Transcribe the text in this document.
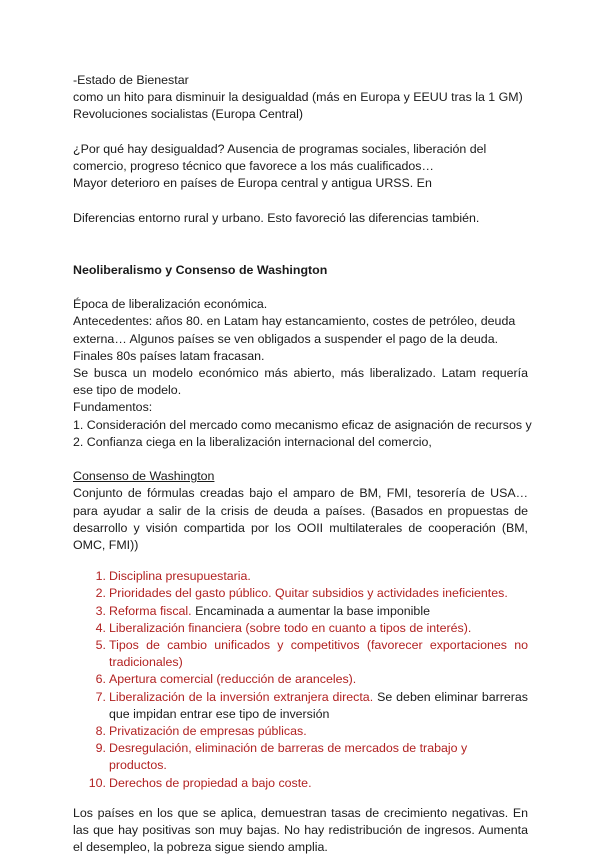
-Estado de Bienestar
como un hito para disminuir la desigualdad (más en Europa y EEUU tras la 1 GM)
Revoluciones socialistas (Europa Central)
¿Por qué hay desigualdad? Ausencia de programas sociales, liberación del
comercio, progreso técnico que favorece a los más cualificados…
Mayor deterioro en países de Europa central y antigua URSS. En
Diferencias entorno rural y urbano. Esto favoreció las diferencias también.
Neoliberalismo y Consenso de Washington
Época de liberalización económica.
Antecedentes: años 80. en Latam hay estancamiento, costes de petróleo, deuda
externa… Algunos países se ven obligados a suspender el pago de la deuda.
Finales 80s países latam fracasan.
Se busca un modelo económico más abierto, más liberalizado. Latam requería ese tipo de modelo.
Fundamentos:
1. Consideración del mercado como mecanismo eficaz de asignación de recursos y
2. Confianza ciega en la liberalización internacional del comercio,
Consenso de Washington
Conjunto de fórmulas creadas bajo el amparo de BM, FMI, tesorería de USA… para ayudar a salir de la crisis de deuda a países. (Basados en propuestas de desarrollo y visión compartida por los OOII multilaterales de cooperación (BM, OMC, FMI))
1. Disciplina presupuestaria.
2. Prioridades del gasto público. Quitar subsidios y actividades ineficientes.
3. Reforma fiscal. Encaminada a aumentar la base imponible
4. Liberalización financiera (sobre todo en cuanto a tipos de interés).
5. Tipos de cambio unificados y competitivos (favorecer exportaciones no tradicionales)
6. Apertura comercial (reducción de aranceles).
7. Liberalización de la inversión extranjera directa. Se deben eliminar barreras que impidan entrar ese tipo de inversión
8. Privatización de empresas públicas.
9. Desregulación, eliminación de barreras de mercados de trabajo y productos.
10. Derechos de propiedad a bajo coste.
Los países en los que se aplica, demuestran tasas de crecimiento negativas. En las que hay positivas son muy bajas. No hay redistribución de ingresos. Aumenta el desempleo, la pobreza sigue siendo amplia.
